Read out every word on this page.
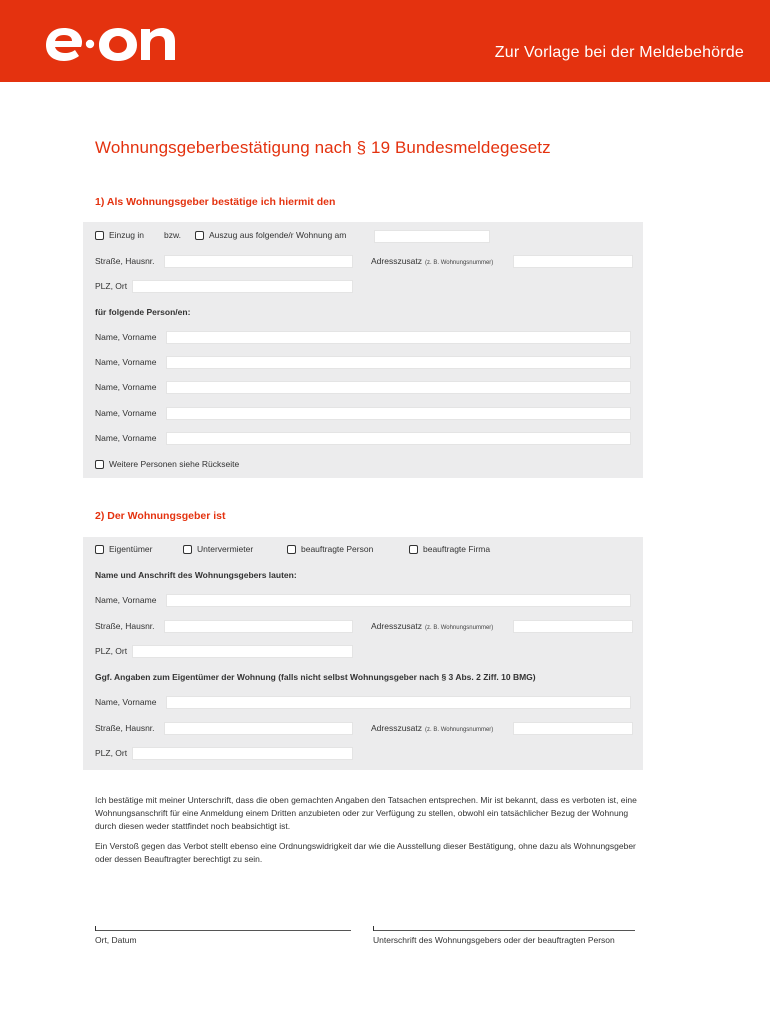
Zur Vorlage bei der Meldebehörde
Wohnungsgeberbestätigung nach § 19 Bundesmeldegesetz
1) Als Wohnungsgeber bestätige ich hiermit den
Einzug in bzw.	Auszug aus folgende/r Wohnung am
Straße, Hausnr.	Adresszusatz (z. B. Wohnungsnummer)
PLZ, Ort
für folgende Person/en:
Name, Vorname
Name, Vorname
Name, Vorname
Name, Vorname
Name, Vorname
Weitere Personen siehe Rückseite
2) Der Wohnungsgeber ist
Eigentümer	Untervermieter	beauftragte Person	beauftragte Firma
Name und Anschrift des Wohnungsgebers lauten:
Name, Vorname
Straße, Hausnr.	Adresszusatz (z. B. Wohnungsnummer)
PLZ, Ort
Ggf. Angaben zum Eigentümer der Wohnung (falls nicht selbst Wohnungsgeber nach § 3 Abs. 2 Ziff. 10 BMG)
Name, Vorname
Straße, Hausnr.	Adresszusatz (z. B. Wohnungsnummer)
PLZ, Ort
Ich bestätige mit meiner Unterschrift, dass die oben gemachten Angaben den Tatsachen entsprechen. Mir ist bekannt, dass es verboten ist, eine Wohnungsanschrift für eine Anmeldung einem Dritten anzubieten oder zur Verfügung zu stellen, obwohl ein tatsächlicher Bezug der Wohnung durch diesen weder stattfindet noch beabsichtigt ist.
Ein Verstoß gegen das Verbot stellt ebenso eine Ordnungswidrigkeit dar wie die Ausstellung dieser Bestätigung, ohne dazu als Wohnungsgeber oder dessen Beauftragter berechtigt zu sein.
Ort, Datum	Unterschrift des Wohnungsgebers oder der beauftragten Person
